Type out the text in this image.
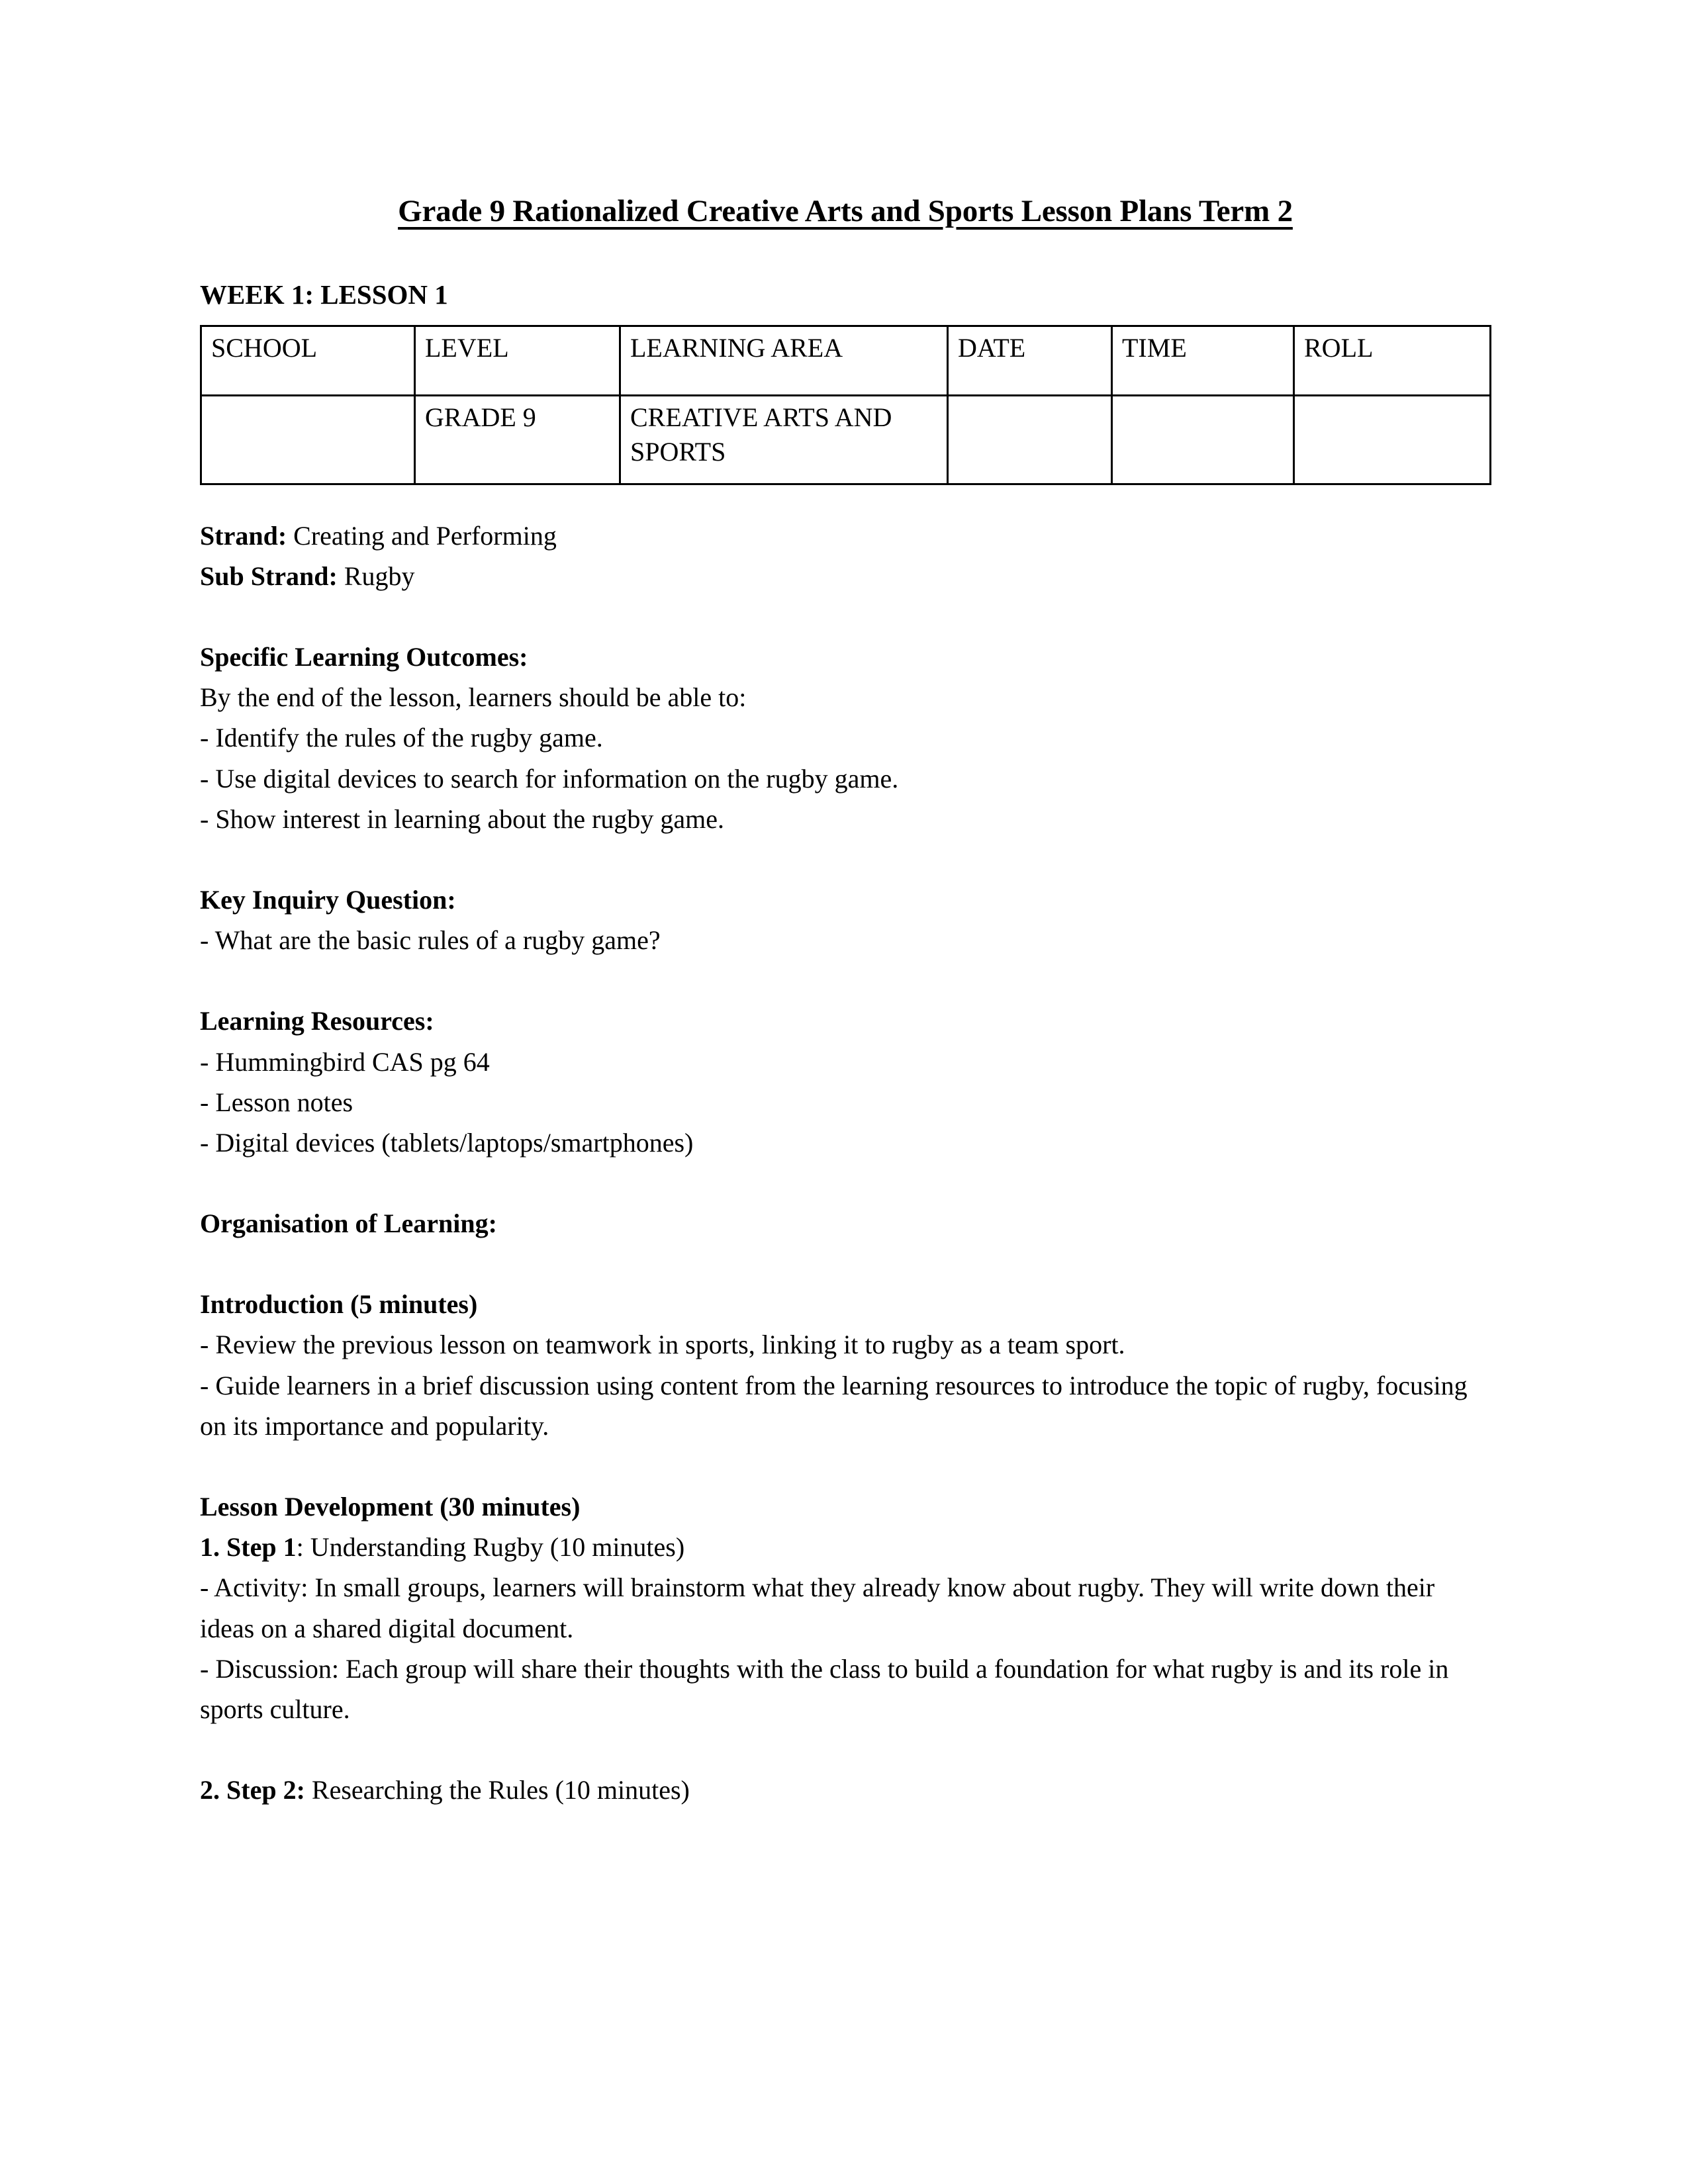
Grade 9 Rationalized Creative Arts and Sports Lesson Plans Term 2
WEEK 1: LESSON 1
SCHOOL	LEVEL	LEARNING AREA	DATE	TIME	ROLL
	GRADE 9	CREATIVE ARTS AND SPORTS			

Strand: Creating and Performing

Sub Strand: Rugby

Specific Learning Outcomes:

By the end of the lesson, learners should be able to:

- Identify the rules of the rugby game.

- Use digital devices to search for information on the rugby game.

- Show interest in learning about the rugby game.

Key Inquiry Question:

- What are the basic rules of a rugby game?

Learning Resources:

- Hummingbird CAS pg 64

- Lesson notes

- Digital devices (tablets/laptops/smartphones)

Organisation of Learning:

Introduction (5 minutes)

- Review the previous lesson on teamwork in sports, linking it to rugby as a team sport.

- Guide learners in a brief discussion using content from the learning resources to introduce the topic of rugby, focusing on its importance and popularity.

Lesson Development (30 minutes)

1. Step 1: Understanding Rugby (10 minutes)

- Activity: In small groups, learners will brainstorm what they already know about rugby. They will write down their ideas on a shared digital document.

- Discussion: Each group will share their thoughts with the class to build a foundation for what rugby is and its role in sports culture.

2. Step 2: Researching the Rules (10 minutes)
